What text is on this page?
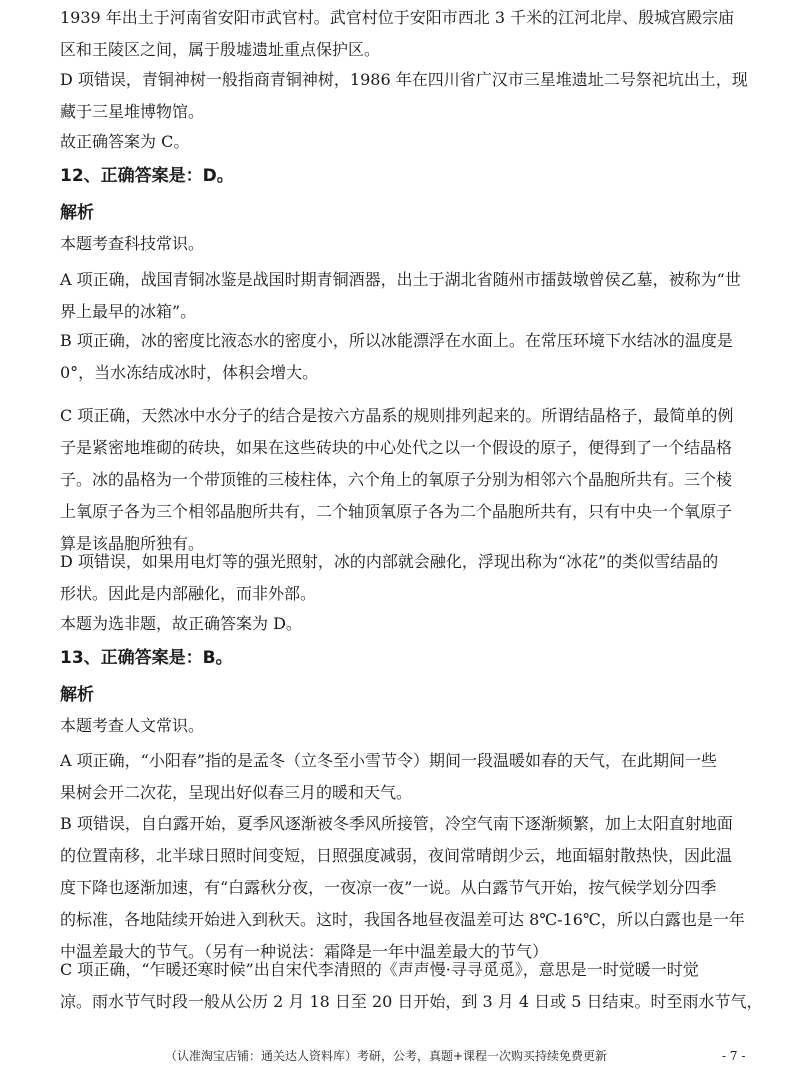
1939 年出土于河南省安阳市武官村。武官村位于安阳市西北 3 千米的江河北岸、殷城宫殿宗庙
区和王陵区之间，属于殷墟遗址重点保护区。
D 项错误，青铜神树一般指商青铜神树，1986 年在四川省广汉市三星堆遗址二号祭祀坑出土，现
藏于三星堆博物馆。
故正确答案为 C。
12、正确答案是：D。
解析
本题考查科技常识。
A 项正确，战国青铜冰鉴是战国时期青铜酒器，出土于湖北省随州市擂鼓墩曾侯乙墓，被称为“世
界上最早的冰箱”。
B 项正确，冰的密度比液态水的密度小，所以冰能漂浮在水面上。在常压环境下水结冰的温度是
0°，当水冻结成冰时，体积会增大。
C 项正确，天然冰中水分子的结合是按六方晶系的规则排列起来的。所谓结晶格子，最简单的例
子是紧密地堆砌的砖块，如果在这些砖块的中心处代之以一个假设的原子，便得到了一个结晶格
子。冰的晶格为一个带顶锥的三棱柱体，六个角上的氧原子分别为相邻六个晶胞所共有。三个棱
上氧原子各为三个相邻晶胞所共有，二个轴顶氧原子各为二个晶胞所共有，只有中央一个氧原子
算是该晶胞所独有。
D 项错误，如果用电灯等的强光照射，冰的内部就会融化，浮现出称为“冰花”的类似雪结晶的
形状。因此是内部融化，而非外部。
本题为选非题，故正确答案为 D。
13、正确答案是：B。
解析
本题考查人文常识。
A 项正确，“小阳春”指的是孟冬（立冬至小雪节令）期间一段温暖如春的天气，在此期间一些
果树会开二次花，呈现出好似春三月的暖和天气。
B 项错误，自白露开始，夏季风逐渐被冬季风所接管，冷空气南下逐渐频繁，加上太阳直射地面
的位置南移，北半球日照时间变短，日照强度减弱，夜间常晴朗少云，地面辐射散热快，因此温
度下降也逐渐加速，有“白露秋分夜，一夜凉一夜”一说。从白露节气开始，按气候学划分四季
的标准，各地陆续开始进入到秋天。这时，我国各地昼夜温差可达 8℃-16℃，所以白露也是一年
中温差最大的节气。（另有一种说法：霜降是一年中温差最大的节气）
C 项正确，“乍暖还寒时候”出自宋代李清照的《声声慢·寻寻觅觅》，意思是一时觉暖一时觉
凉。雨水节气时段一般从公历 2 月 18 日至 20 日开始，到 3 月 4 日或 5 日结束。时至雨水节气，
（认准淘宝店铺：通关达人资料库）考研，公考，真题+课程一次购买持续免费更新	- 7 -
